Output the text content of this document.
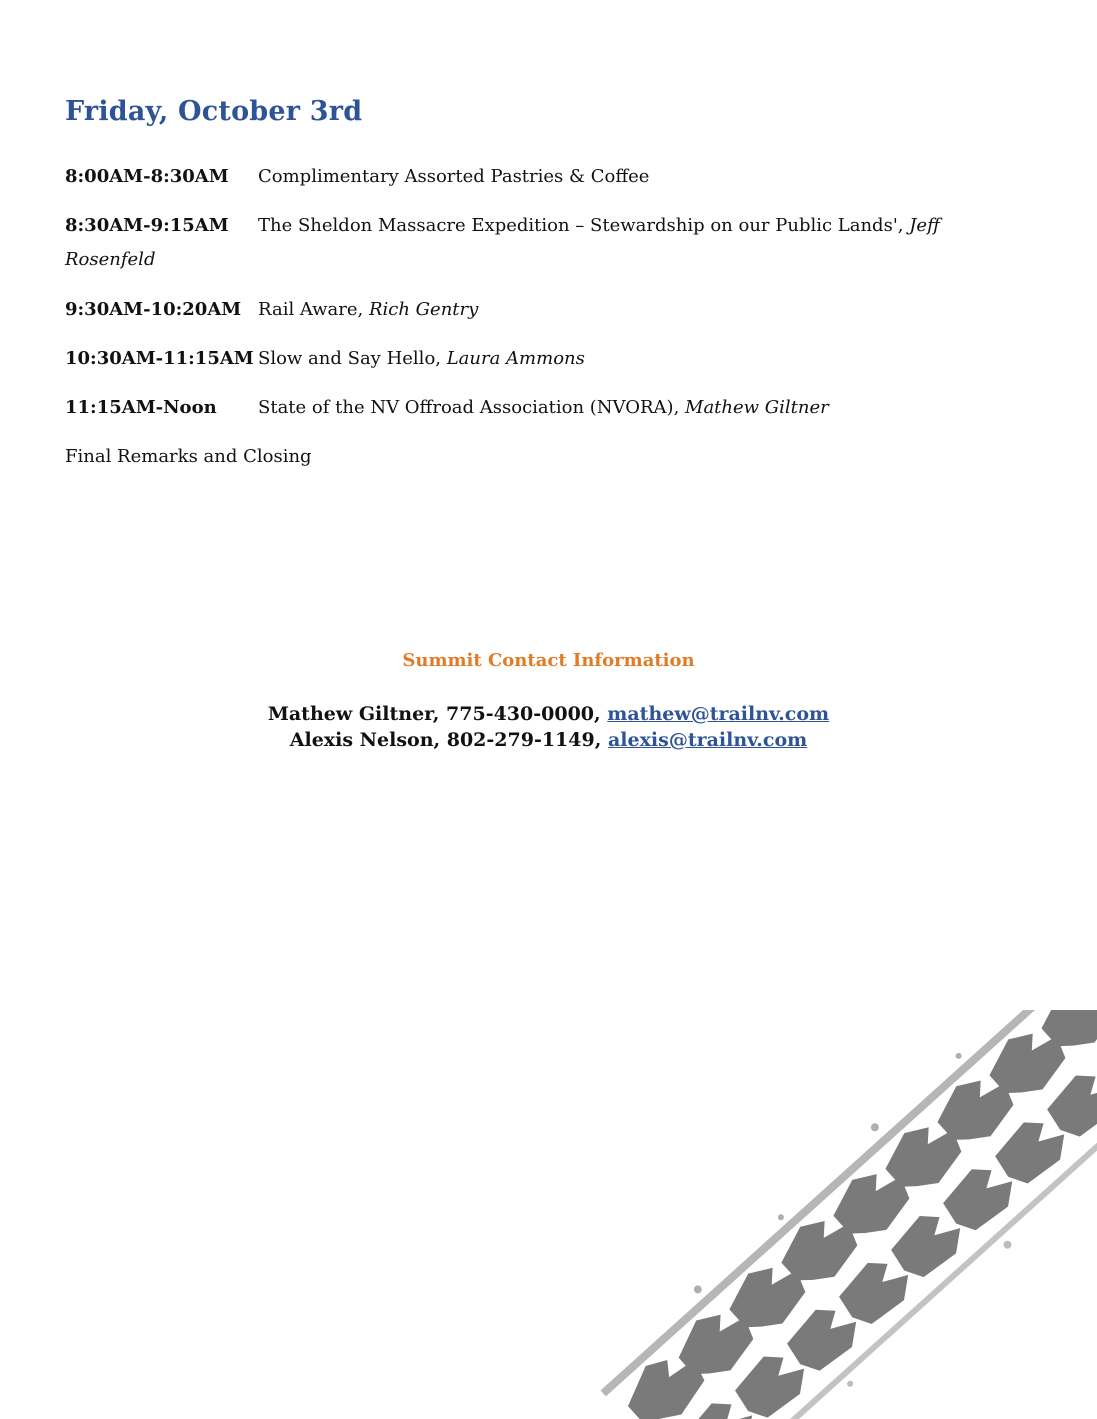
Friday, October 3rd
8:00AM-8:30AM Complimentary Assorted Pastries & Coffee
8:30AM-9:15AM The Sheldon Massacre Expedition – Stewardship on our Public Lands', Jeff Rosenfeld
9:30AM-10:20AM Rail Aware, Rich Gentry
10:30AM-11:15AM Slow and Say Hello, Laura Ammons
11:15AM-Noon State of the NV Offroad Association (NVORA), Mathew Giltner
Final Remarks and Closing
Summit Contact Information
Mathew Giltner, 775-430-0000, mathew@trailnv.com
Alexis Nelson, 802-279-1149, alexis@trailnv.com
